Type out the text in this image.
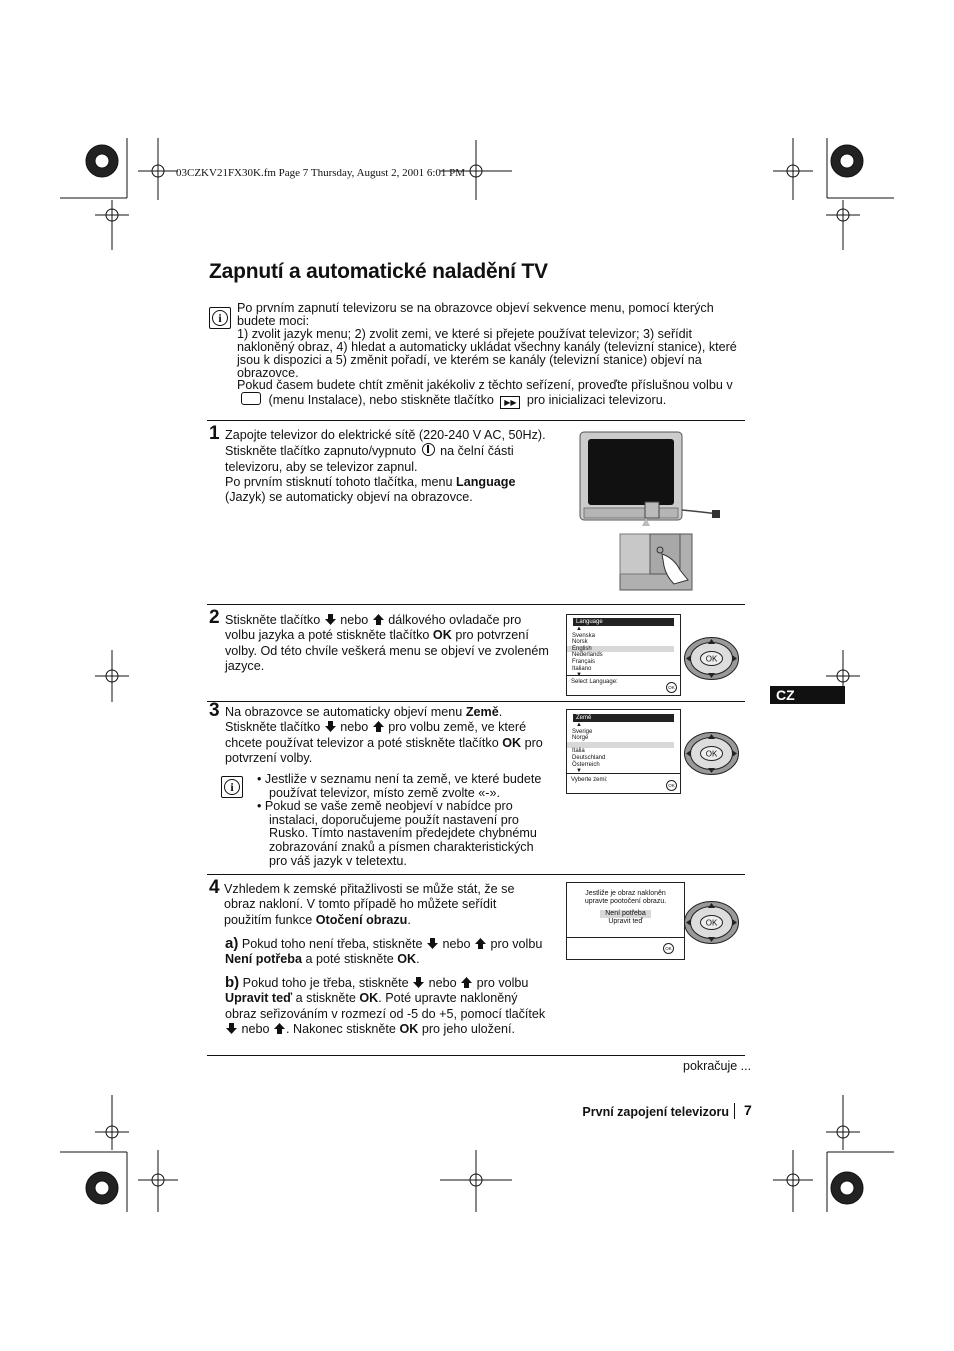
03CZKV21FX30K.fm Page 7 Thursday, August 2, 2001 6:01 PM
Zapnutí a automatické naladění TV
i
Po prvním zapnutí televizoru se na obrazovce objeví sekvence menu, pomocí kterých budete moci:
1) zvolit jazyk menu; 2) zvolit zemi, ve které si přejete používat televizor; 3) seřídit nakloněný obraz, 4) hledat a automaticky ukládat všechny kanály (televizní stanice), které jsou k dispozici a 5) změnit pořadí, ve kterém se kanály (televizní stanice) objeví na obrazovce.
Pokud časem budete chtít změnit jakékoliv z těchto seřízení, proveďte příslušnou volbu v
(menu Instalace), nebo stiskněte tlačítko ▶▶ pro inicializaci televizoru.
1 Zapojte televizor do elektrické sítě (220-240 V AC, 50Hz).
Stiskněte tlačítko zapnuto/vypnuto na čelní části televizoru, aby se televizor zapnul.
Po prvním stisknutí tohoto tlačítka, menu Language
(Jazyk) se automaticky objeví na obrazovce.
2 Stiskněte tlačítko nebo dálkového ovladače pro volbu jazyka a poté stiskněte tlačítko OK pro potvrzení volby. Od této chvíle veškerá menu se objeví ve zvoleném jazyce.
Language
▲
Svenska
Norsk
English
Nederlands
Français
Italiano
▼
Select Language:
OK
OK
CZ
3 Na obrazovce se automaticky objeví menu Země. Stiskněte tlačítko nebo pro volbu země, ve které chcete používat televizor a poté stiskněte tlačítko OK pro potvrzení volby.
i
• Jestliže v seznamu není ta země, ve které budete používat televizor, místo země zvolte «-».
• Pokud se vaše země neobjeví v nabídce pro instalaci, doporučujeme použít nastavení pro Rusko. Tímto nastavením předejdete chybnému zobrazování znaků a písmen charakteristických pro váš jazyk v teletextu.
Země
▲
Sverige
Norge
Italia
Deutschland
Österreich
▼
Vyberte zemi:
OK
OK
4 Vzhledem k zemské přitažlivosti se může stát, že se obraz nakloní. V tomto případě ho můžete seřídit použitím funkce Otočení obrazu.
a) Pokud toho není třeba, stiskněte nebo pro volbu Není potřeba a poté stiskněte OK.
b) Pokud toho je třeba, stiskněte nebo pro volbu Upravit teď a stiskněte OK. Poté upravte nakloněný obraz seřizováním v rozmezí od -5 do +5, pomocí tlačítek  nebo . Nakonec stiskněte OK pro jeho uložení.
Jestliže je obraz nakloněn
upravte pootočení obrazu.
Není potřeba
Upravit teď
OK
OK
pokračuje ...
První zapojení televizoru 7
